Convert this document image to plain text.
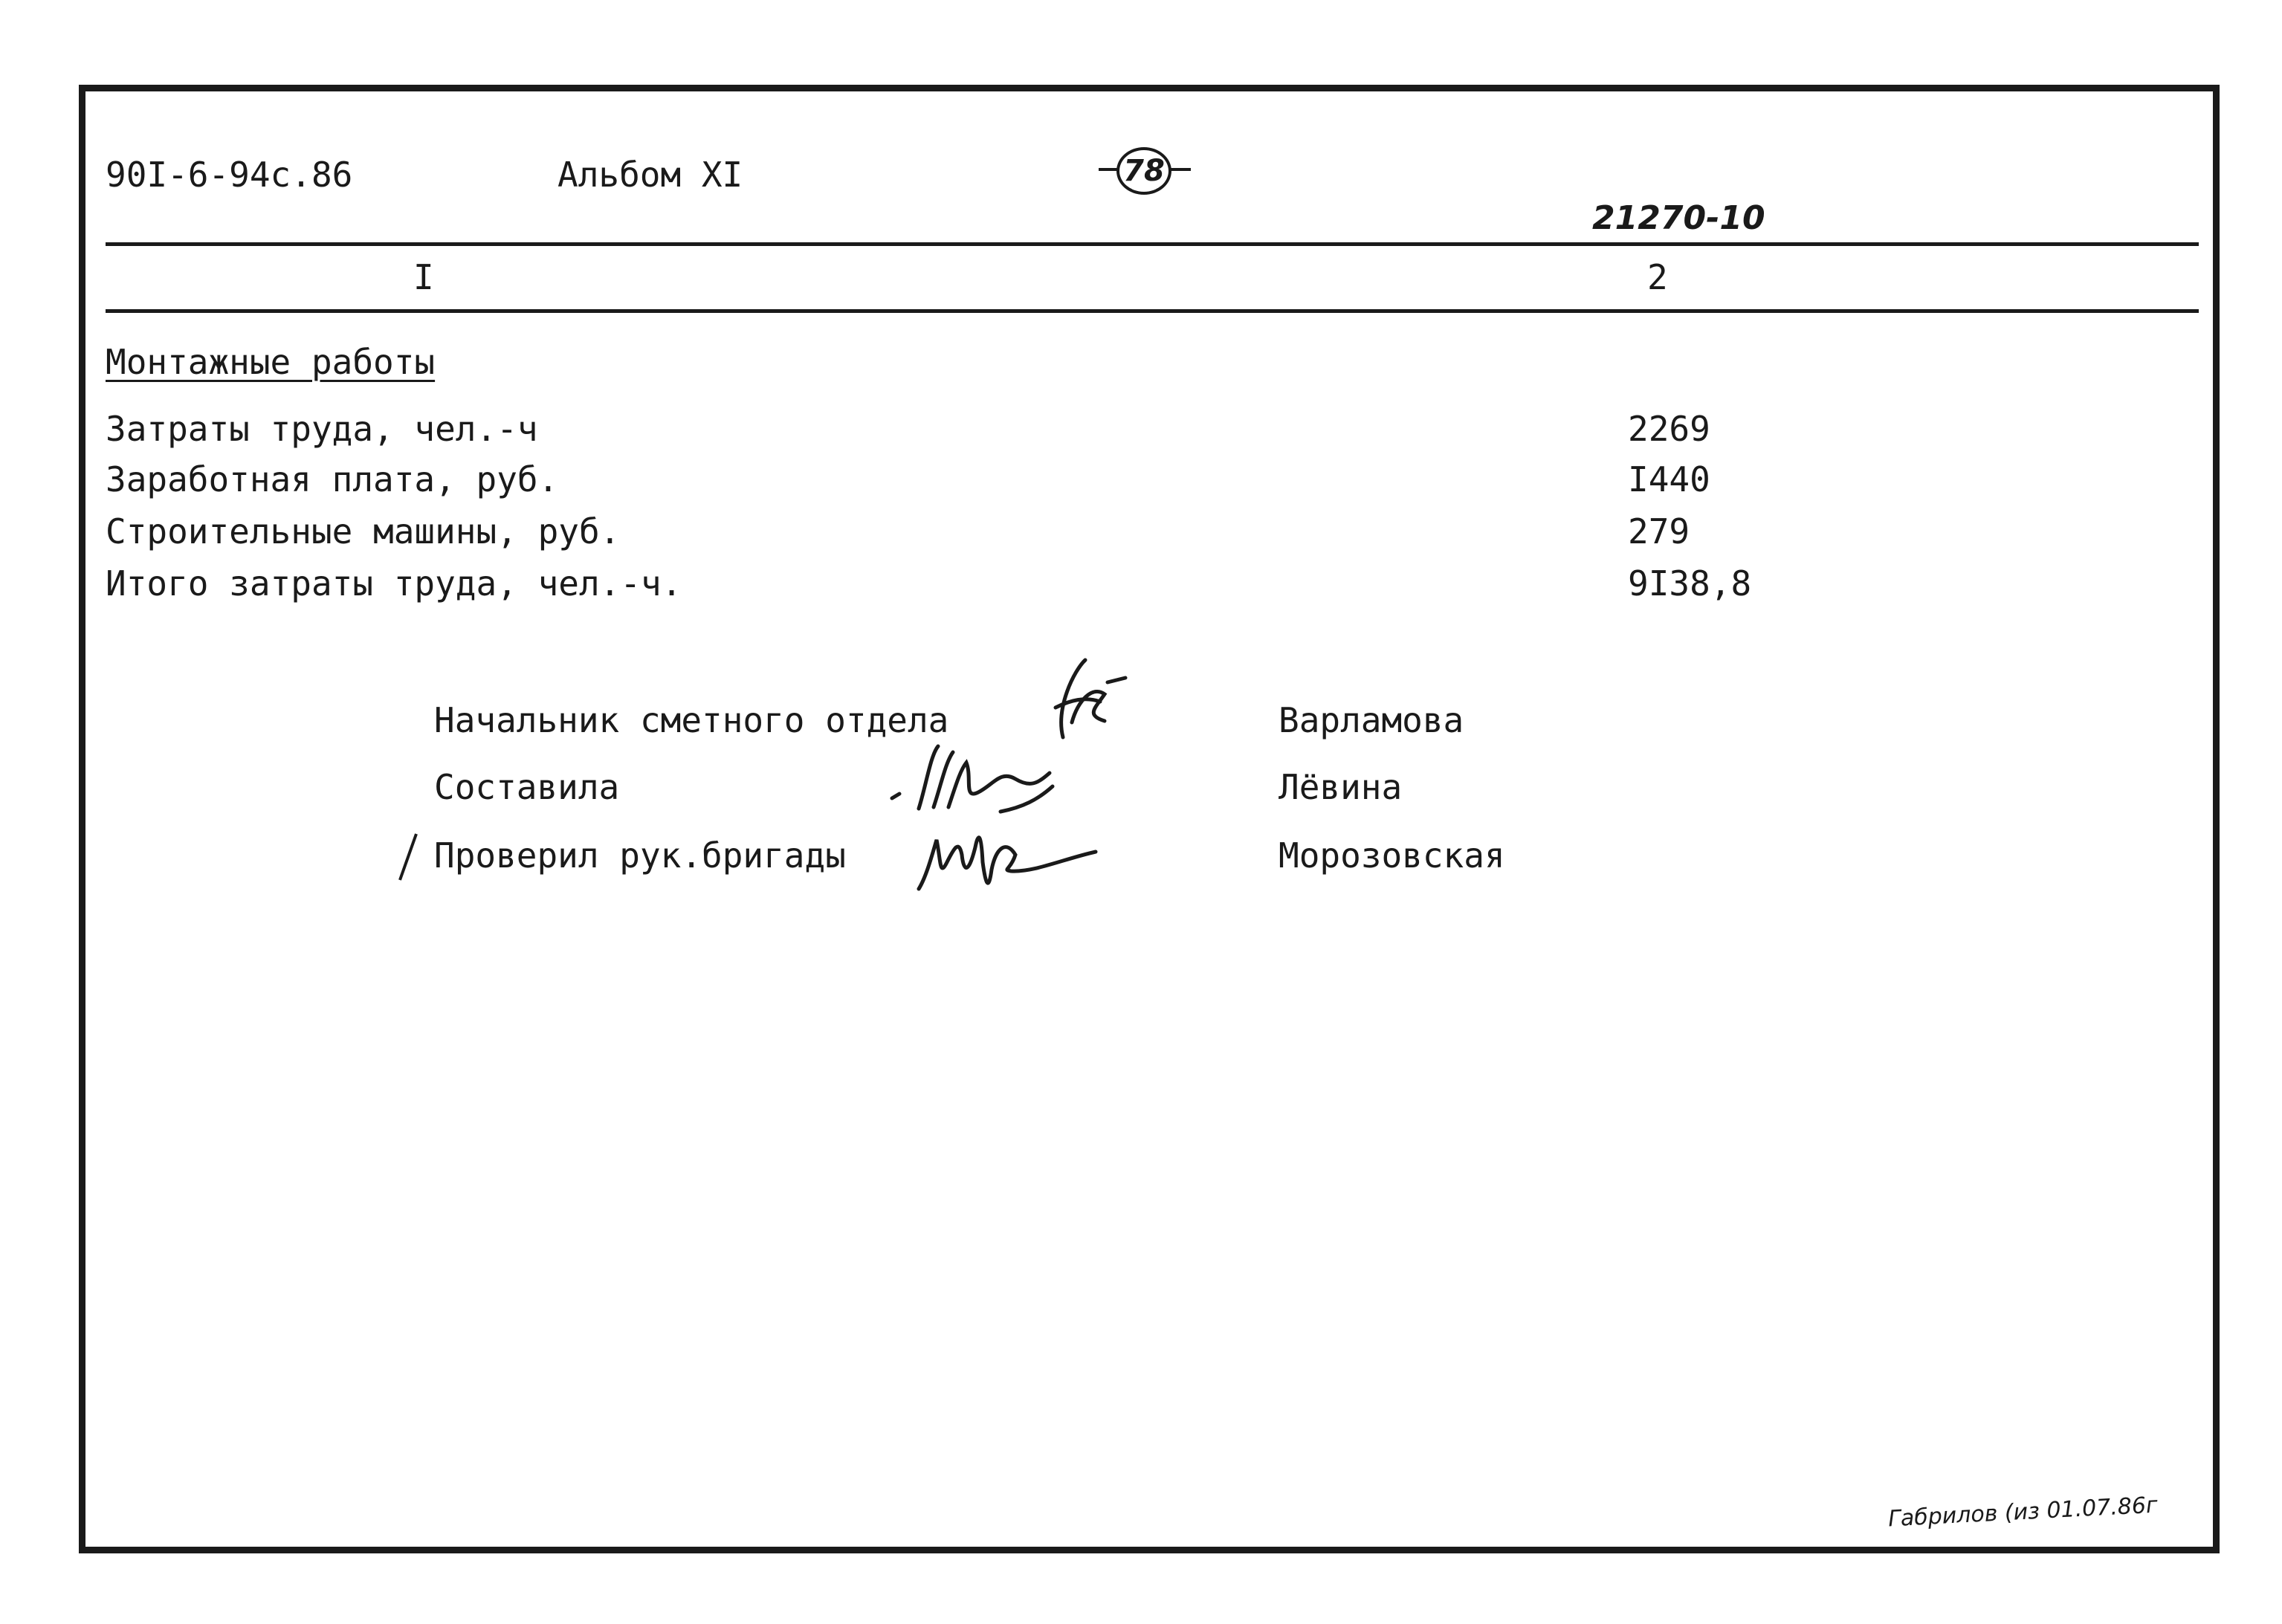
90I-6-94с.86	Альбом XI	78
21270-10
I	2
Монтажные работы
Затраты труда, чел.-ч	2269
Заработная плата, руб.	I440
Строительные машины, руб.	279
Итого затраты труда, чел.-ч.	9I38,8
Начальник сметного отдела	Варламова
Составила	Лёвина
Проверил рук.бригады	Морозовская
Габрилов (из 01.07.86г
